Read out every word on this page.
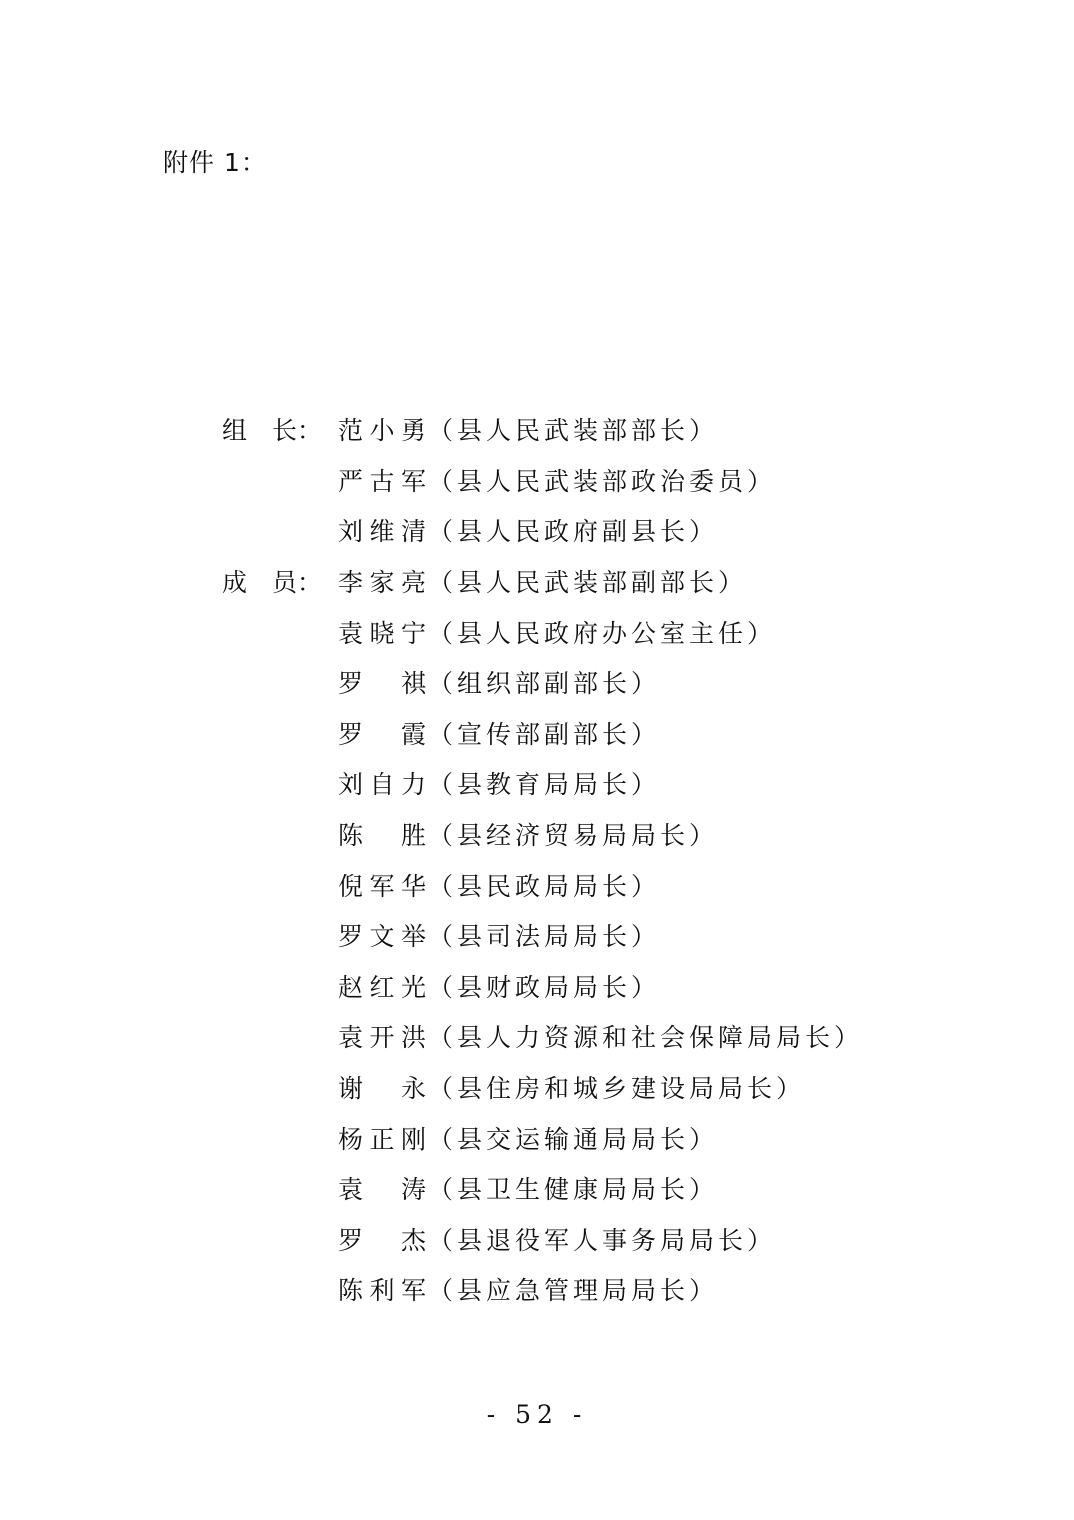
附件 1：
组　长： 范小勇 （县人民武装部部长）
严古军 （县人民武装部政治委员）
刘维清 （县人民政府副县长）
成　员： 李家亮 （县人民武装部副部长）
袁晓宁 （县人民政府办公室主任）
罗　祺 （组织部副部长）
罗　霞 （宣传部副部长）
刘自力 （县教育局局长）
陈　胜 （县经济贸易局局长）
倪军华 （县民政局局长）
罗文举 （县司法局局长）
赵红光 （县财政局局长）
袁开洪 （县人力资源和社会保障局局长）
谢　永 （县住房和城乡建设局局长）
杨正刚 （县交运输通局局长）
袁　涛 （县卫生健康局局长）
罗　杰 （县退役军人事务局局长）
陈利军 （县应急管理局局长）
- 52 -
